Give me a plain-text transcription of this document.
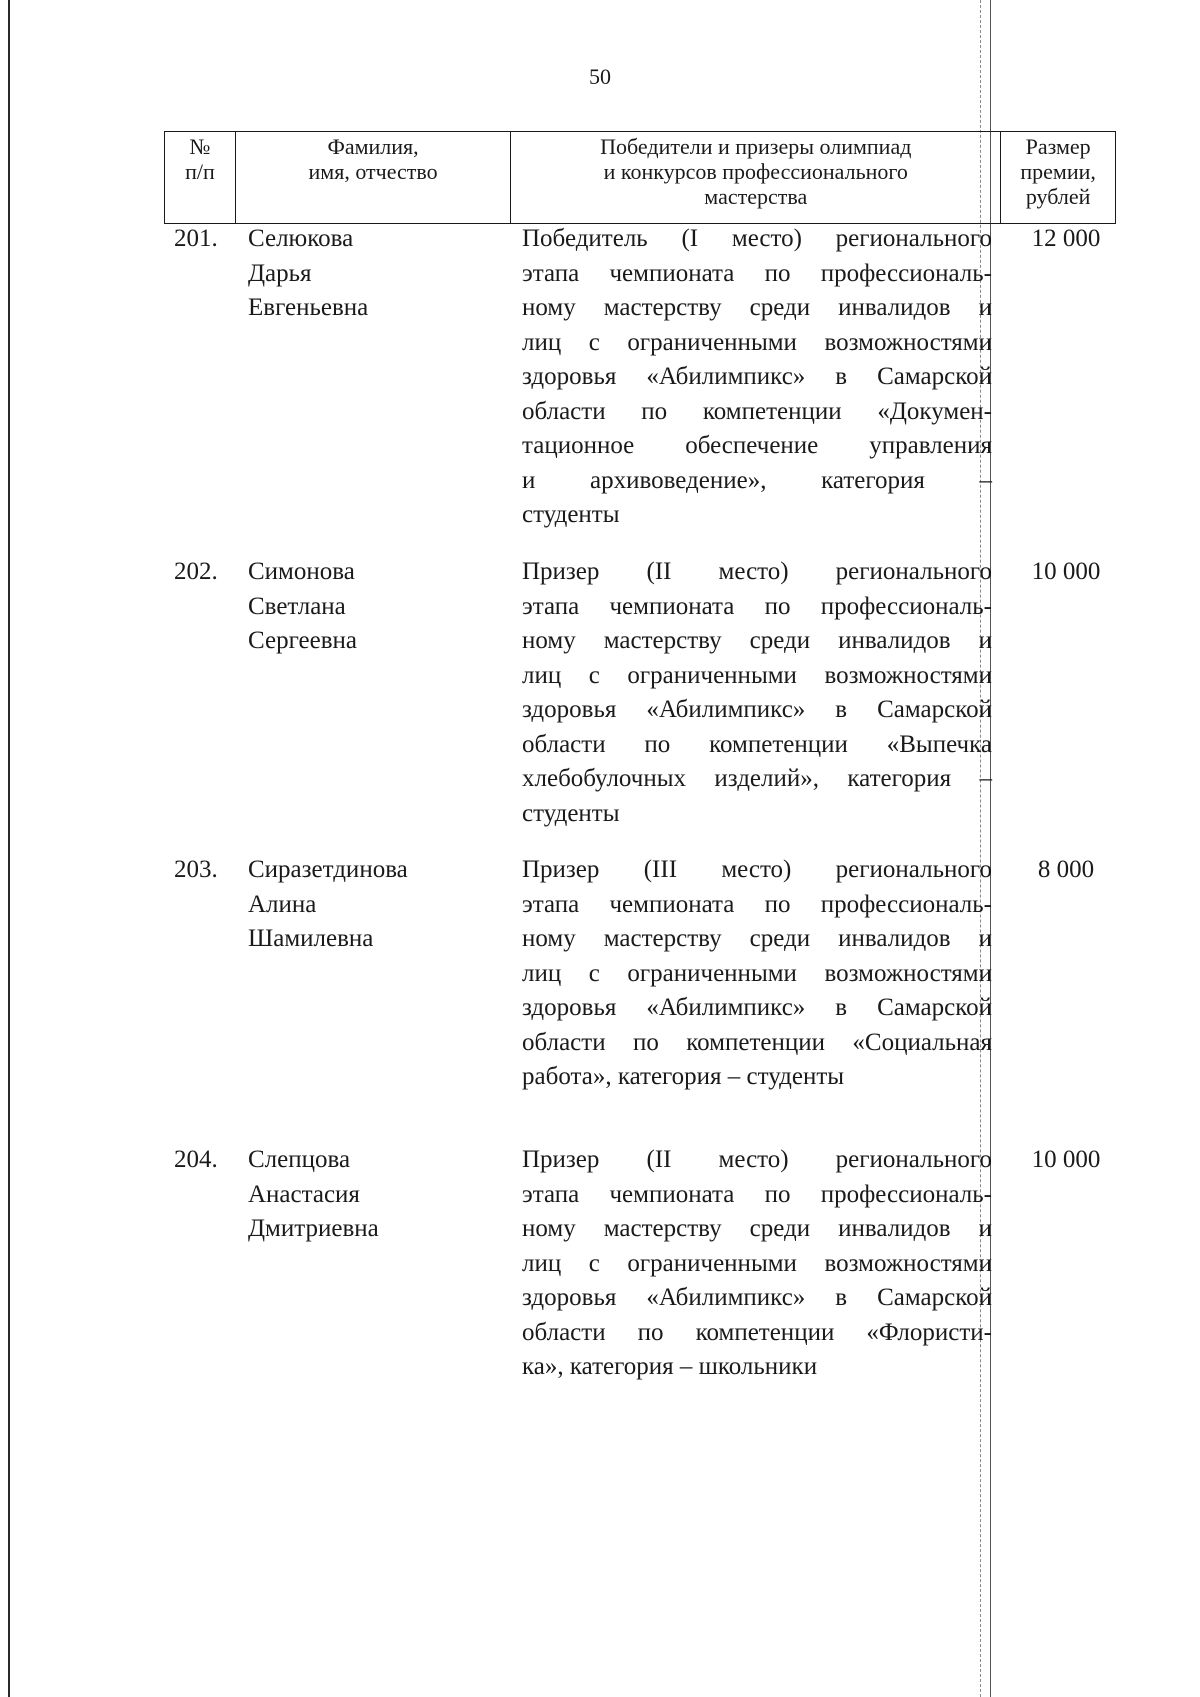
50
№
п/п
Фамилия,
имя, отчество
Победители и призеры олимпиад
и конкурсов профессионального
мастерства
Размер
премии,
рублей
201. Селюкова
Дарья
Евгеньевна
Победитель (I место) регионального
этапа чемпионата по профессиональ-
ному мастерству среди инвалидов и
лиц с ограниченными возможностями
здоровья «Абилимпикс» в Самарской
области по компетенции «Докумен-
тационное обеспечение управления
и архивоведение», категория –
студенты
12 000
202. Симонова
Светлана
Сергеевна
Призер (II место) регионального
этапа чемпионата по профессиональ-
ному мастерству среди инвалидов и
лиц с ограниченными возможностями
здоровья «Абилимпикс» в Самарской
области по компетенции «Выпечка
хлебобулочных изделий», категория –
студенты
10 000
203. Сиразетдинова
Алина
Шамилевна
Призер (III место) регионального
этапа чемпионата по профессиональ-
ному мастерству среди инвалидов и
лиц с ограниченными возможностями
здоровья «Абилимпикс» в Самарской
области по компетенции «Социальная
работа», категория – студенты
8 000
204. Слепцова
Анастасия
Дмитриевна
Призер (II место) регионального
этапа чемпионата по профессиональ-
ному мастерству среди инвалидов и
лиц с ограниченными возможностями
здоровья «Абилимпикс» в Самарской
области по компетенции «Флористи-
ка», категория – школьники
10 000
